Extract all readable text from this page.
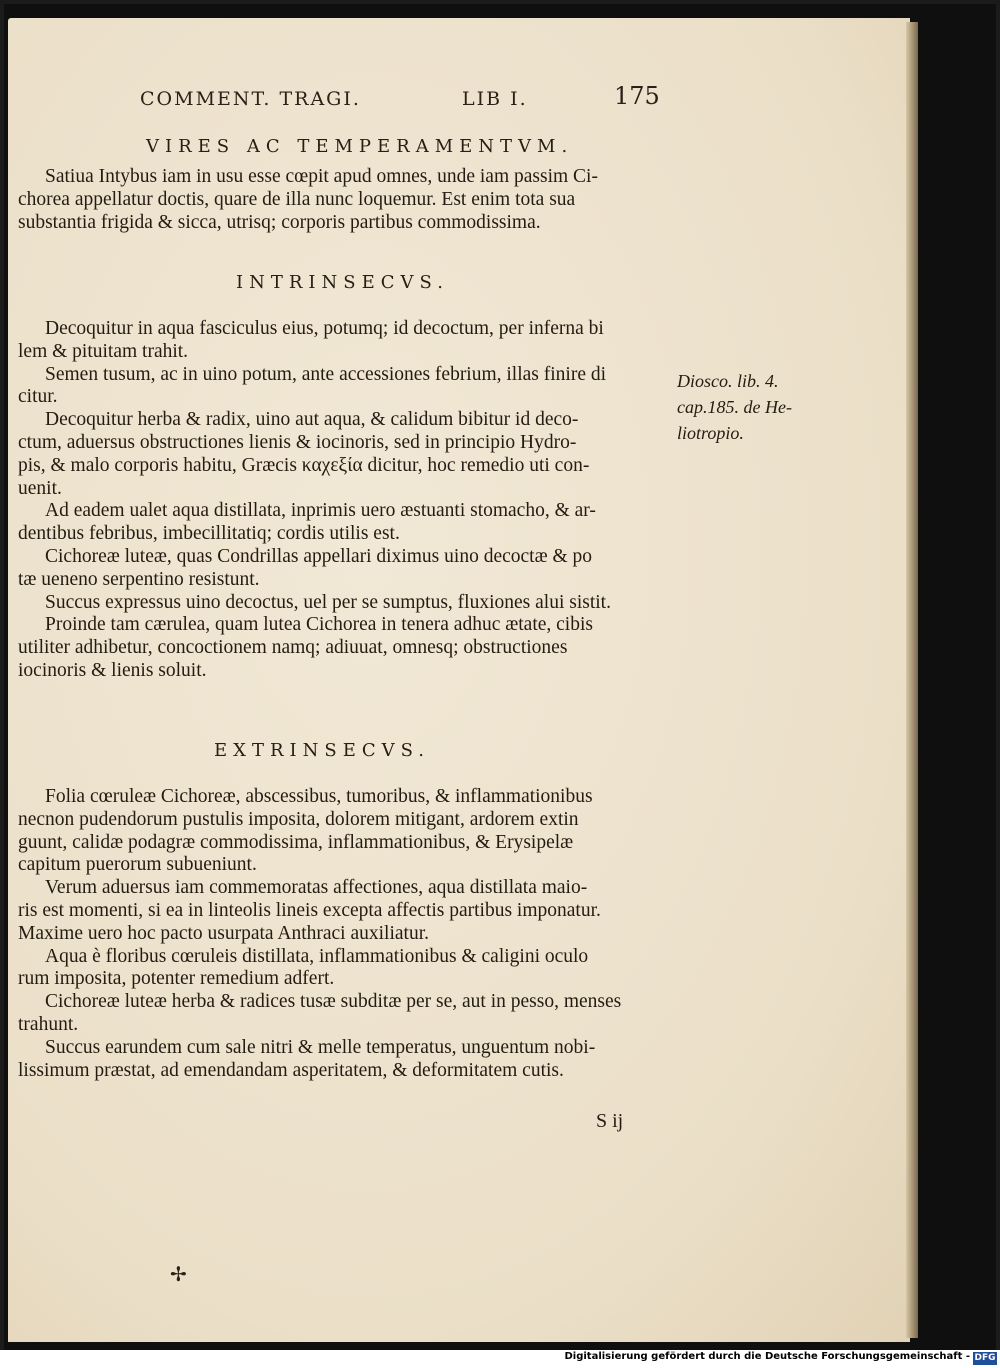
COMMENT. TRAGI.	LIB I.	175
VIRES AC TEMPERAMENTVM.
Satiua Intybus iam in usu esse cœpit apud omnes, unde iam passim Ci-
chorea appellatur doctis, quare de illa nunc loquemur. Est enim tota sua
substantia frigida & sicca, utrisq; corporis partibus commodissima.
INTRINSECVS.
Decoquitur in aqua fasciculus eius, potumq; id decoctum, per inferna bi
lem & pituitam trahit.
Semen tusum, ac in uino potum, ante accessiones febrium, illas finire di
citur.
Decoquitur herba & radix, uino aut aqua, & calidum bibitur id deco-
ctum, aduersus obstructiones lienis & iocinoris, sed in principio Hydro-
pis, & malo corporis habitu, Græcis καχεξία dicitur, hoc remedio uti con-
uenit.
Ad eadem ualet aqua distillata, inprimis uero æstuanti stomacho, & ar-
dentibus febribus, imbecillitatiq; cordis utilis est.
Cichoreæ luteæ, quas Condrillas appellari diximus uino decoctæ & po
tæ ueneno serpentino resistunt.
Succus expressus uino decoctus, uel per se sumptus, fluxiones alui sistit.
Proinde tam cærulea, quam lutea Cichorea in tenera adhuc ætate, cibis
utiliter adhibetur, concoctionem namq; adiuuat, omnesq; obstructiones
iocinoris & lienis soluit.
Diosco. lib. 4.
cap.185. de He-
liotropio.
EXTRINSECVS.
Folia cœruleæ Cichoreæ, abscessibus, tumoribus, & inflammationibus
necnon pudendorum pustulis imposita, dolorem mitigant, ardorem extin
guunt, calidæ podagræ commodissima, inflammationibus, & Erysipelæ
capitum puerorum subueniunt.
Verum aduersus iam commemoratas affectiones, aqua distillata maio-
ris est momenti, si ea in linteolis lineis excepta affectis partibus imponatur.
Maxime uero hoc pacto usurpata Anthraci auxiliatur.
Aqua è floribus cœruleis distillata, inflammationibus & caligini oculo
rum imposita, potenter remedium adfert.
Cichoreæ luteæ herba & radices tusæ subditæ per se, aut in pesso, menses
trahunt.
Succus earundem cum sale nitri & melle temperatus, unguentum nobi-
lissimum præstat, ad emendandam asperitatem, & deformitatem cutis.
S ij
✢
Digitalisierung gefördert durch die Deutsche Forschungsgemeinschaft - DFG
